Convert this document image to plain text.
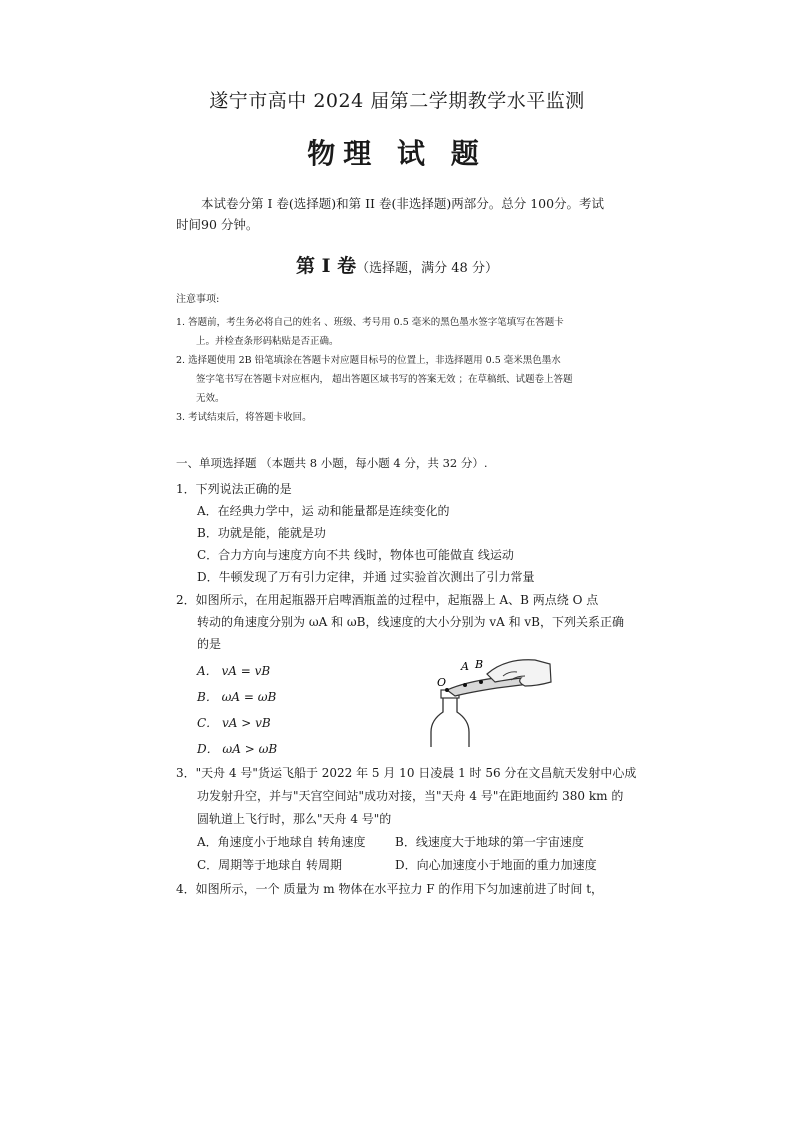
遂宁市高中 2024 届第二学期教学水平监测
物理 试 题
本试卷分第 I 卷(选择题)和第 II 卷(非选择题)两部分。总分 100分。考试时间90 分钟。
第 Ⅰ 卷（选择题，满分 48 分）
注意事项:
1. 答题前，考生务必将自己的姓名 、班级、考号用 0.5 毫米的黑色墨水签字笔填写在答题卡
上。并检查条形码粘贴是否正确。
2. 选择题使用 2B 铅笔填涂在答题卡对应题目标号的位置上，非选择题用 0.5 毫米黑色墨水
签字笔书写在答题卡对应框内， 超出答题区域书写的答案无效 ；在草稿纸、试题卷上答题
无效。
3. 考试结束后，将答题卡收回。
一、单项选择题 （本题共 8 小题，每小题 4 分，共 32 分）.
1．下列说法正确的是
A．在经典力学中，运 动和能量都是连续变化的
B．功就是能，能就是功
C．合力方向与速度方向不共 线时，物体也可能做直 线运动
D．牛顿发现了万有引力定律，并通 过实验首次测出了引力常量
2．如图所示，在用起瓶器开启啤酒瓶盖的过程中，起瓶器上 A、B 两点绕 O 点
转动的角速度分别为 ωA 和 ωB，线速度的大小分别为 vA 和 vB，下列关系正确
的是
A． vA = vB
B． ωA = ωB
C． vA > vB
D． ωA > ωB
O
A B
3．"天舟 4 号"货运飞船于 2022 年 5 月 10 日凌晨 1 时 56 分在文昌航天发射中心成
功发射升空，并与"天宫空间站"成功对接，当"天舟 4 号"在距地面约 380 km 的
圆轨道上飞行时，那么"天舟 4 号"的
A．角速度小于地球自 转角速度 B．线速度大于地球的第一宇宙速度
C．周期等于地球自 转周期	D．向心加速度小于地面的重力加速度
4．如图所示，一个 质量为 m 物体在水平拉力 F 的作用下匀加速前进了时间 t，
